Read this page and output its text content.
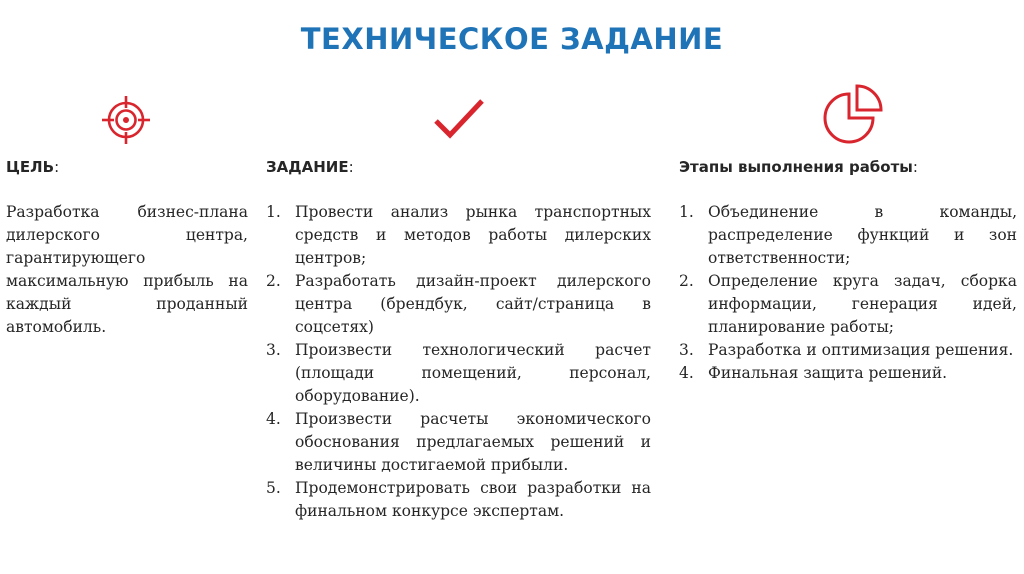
ТЕХНИЧЕСКОЕ ЗАДАНИЕ
ЦЕЛЬ:
Разработка бизнес-плана дилерского центра, гарантирующего максимальную прибыль на каждый проданный автомобиль.
ЗАДАНИЕ:
1. Провести анализ рынка транспортных средств и методов работы дилерских центров;
2. Разработать дизайн-проект дилерского центра (брендбук, сайт/страница в соцсетях)
3. Произвести технологический расчет (площади помещений, персонал, оборудование).
4. Произвести расчеты экономического обоснования предлагаемых решений и величины достигаемой прибыли.
5. Продемонстрировать свои разработки на финальном конкурсе экспертам.
Этапы выполнения работы:
1. Объединение в команды, распределение функций и зон ответственности;
2. Определение круга задач, сборка информации, генерация идей, планирование работы;
3. Разработка и оптимизация решения.
4. Финальная защита решений.
